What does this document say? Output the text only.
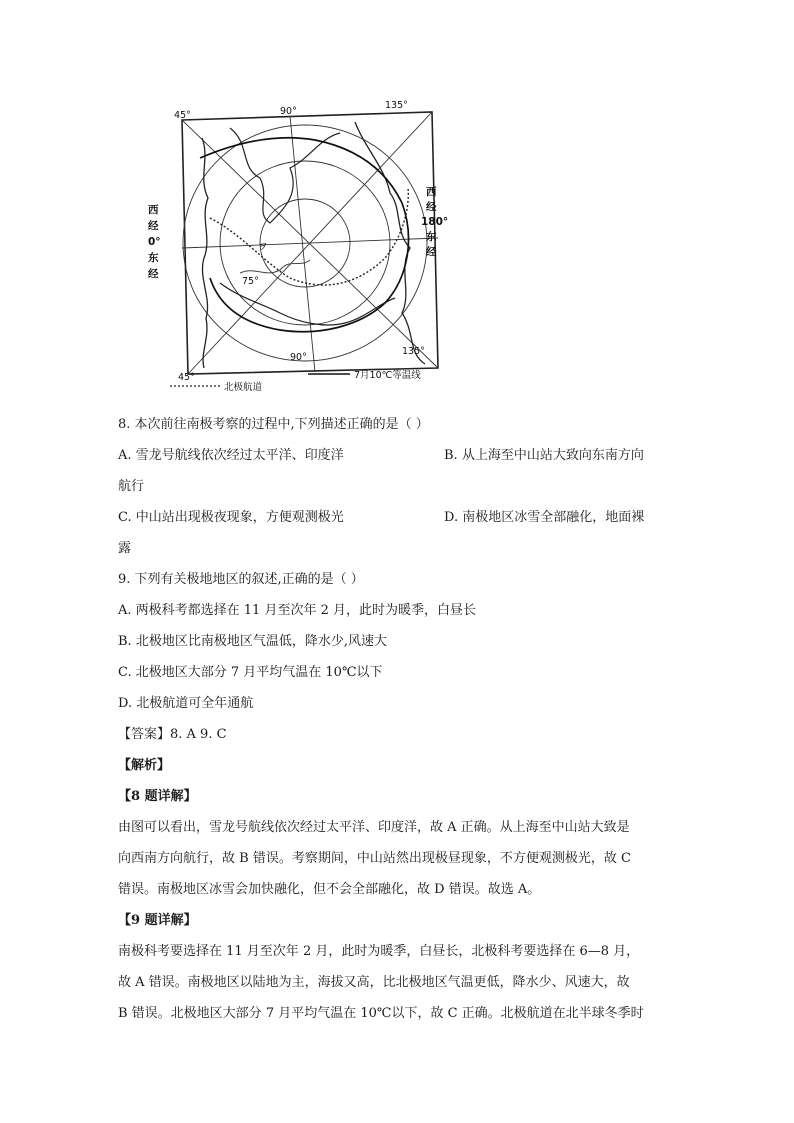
ヲ
75°
45°	90°
135°
45°
90°
135°
西
经
0°
东
经
西
经
180°
东
经
北极航道
7月10℃等温线
8. 本次前往南极考察的过程中,下列描述正确的是（ ）
A. 雪龙号航线依次经过太平洋、印度洋	B. 从上海至中山站大致向东南方向
航行
C. 中山站出现极夜现象，方便观测极光	D. 南极地区冰雪全部融化，地面裸
露
9. 下列有关极地地区的叙述,正确的是（ ）
A. 两极科考都选择在 11 月至次年 2 月，此时为暖季，白昼长
B. 北极地区比南极地区气温低，降水少,风速大
C. 北极地区大部分 7 月平均气温在 10℃以下
D. 北极航道可全年通航
【答案】8. A 9. C
【解析】
【8 题详解】
由图可以看出，雪龙号航线依次经过太平洋、印度洋，故 A 正确。从上海至中山站大致是
向西南方向航行，故 B 错误。考察期间，中山站然出现极昼现象，不方便观测极光，故 C
错误。南极地区冰雪会加快融化，但不会全部融化，故 D 错误。故选 A。
【9 题详解】
南极科考要选择在 11 月至次年 2 月，此时为暖季，白昼长，北极科考要选择在 6—8 月，
故 A 错误。南极地区以陆地为主，海拔又高，比北极地区气温更低，降水少、风速大，故
B 错误。北极地区大部分 7 月平均气温在 10℃以下，故 C 正确。北极航道在北半球冬季时
